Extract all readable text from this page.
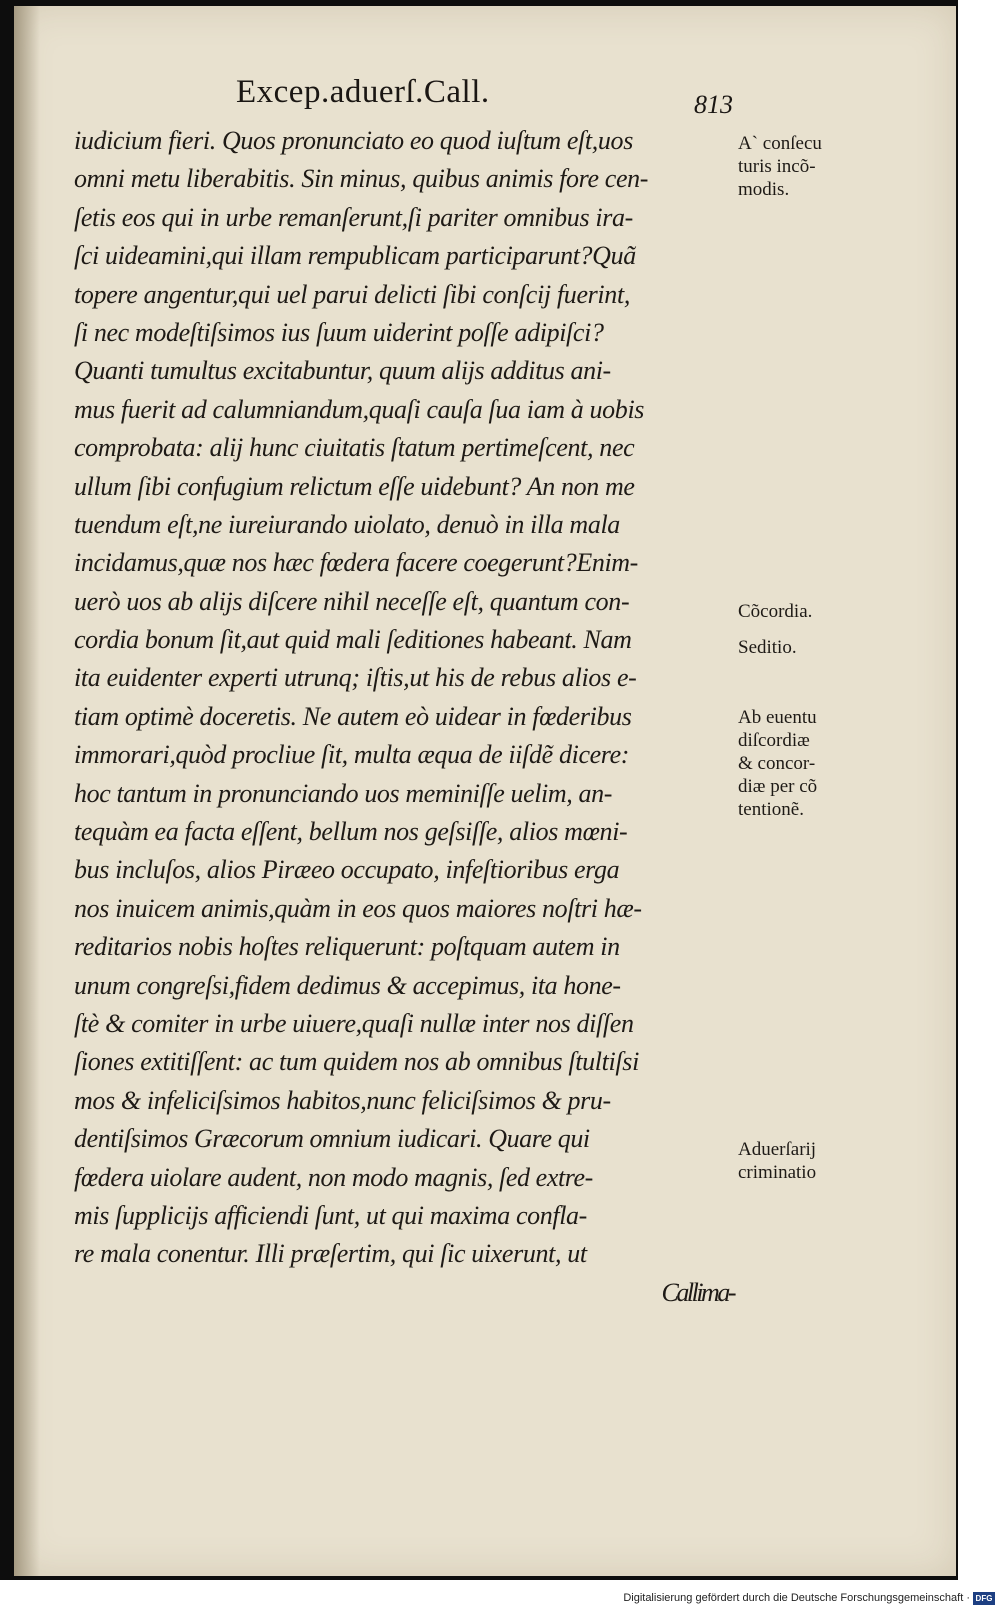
Excep.aduerſ.Call.	813
iudicium fieri. Quos pronunciato eo quod iuſtum eſt,uos
omni metu liberabitis. Sin minus, quibus animis fore cen-
ſetis eos qui in urbe remanſerunt,ſi pariter omnibus ira-
ſci uideamini,qui illam rempublicam participarunt?Quã
topere angentur,qui uel parui delicti ſibi conſcij fuerint,
ſi nec modeſtiſsimos ius ſuum uiderint poſſe adipiſci?
Quanti tumultus excitabuntur, quum alijs additus ani-
mus fuerit ad calumniandum,quaſi cauſa ſua iam à uobis
comprobata: alij hunc ciuitatis ſtatum pertimeſcent, nec
ullum ſibi confugium relictum eſſe uidebunt? An non me
tuendum eſt,ne iureiurando uiolato, denuò in illa mala
incidamus,quæ nos hæc fœdera facere coegerunt?Enim-
uerò uos ab alijs diſcere nihil neceſſe eſt, quantum con-
cordia bonum ſit,aut quid mali ſeditiones habeant. Nam
ita euidenter experti utrunq; iſtis,ut his de rebus alios e-
tiam optimè doceretis. Ne autem eò uidear in fœderibus
immorari,quòd procliue ſit, multa æqua de iiſdẽ dicere:
hoc tantum in pronunciando uos meminiſſe uelim, an-
tequàm ea facta eſſent, bellum nos geſsiſſe, alios mœni-
bus incluſos, alios Piræeo occupato, infeſtioribus erga
nos inuicem animis,quàm in eos quos maiores noſtri hæ-
reditarios nobis hoſtes reliquerunt: poſtquam autem in
unum congreſsi,fidem dedimus & accepimus, ita hone-
ſtè & comiter in urbe uiuere,quaſi nullæ inter nos diſſen
ſiones extitiſſent: ac tum quidem nos ab omnibus ſtultiſsi
mos & infeliciſsimos habitos,nunc feliciſsimos & pru-
dentiſsimos Græcorum omnium iudicari. Quare qui
fœdera uiolare audent, non modo magnis, ſed extre-
mis ſupplicijs afficiendi ſunt, ut qui maxima confla-
re mala conentur. Illi præſertim, qui ſic uixerunt, ut
Callima-
A` conſecu
turis incõ-
modis.
Cõcordia.
Seditio.
Ab euentu
diſcordiæ
& concor-
diæ per cõ
tentionẽ.
Aduerſarij
criminatio
Digitalisierung gefördert durch die Deutsche Forschungsgemeinschaft · DFG
